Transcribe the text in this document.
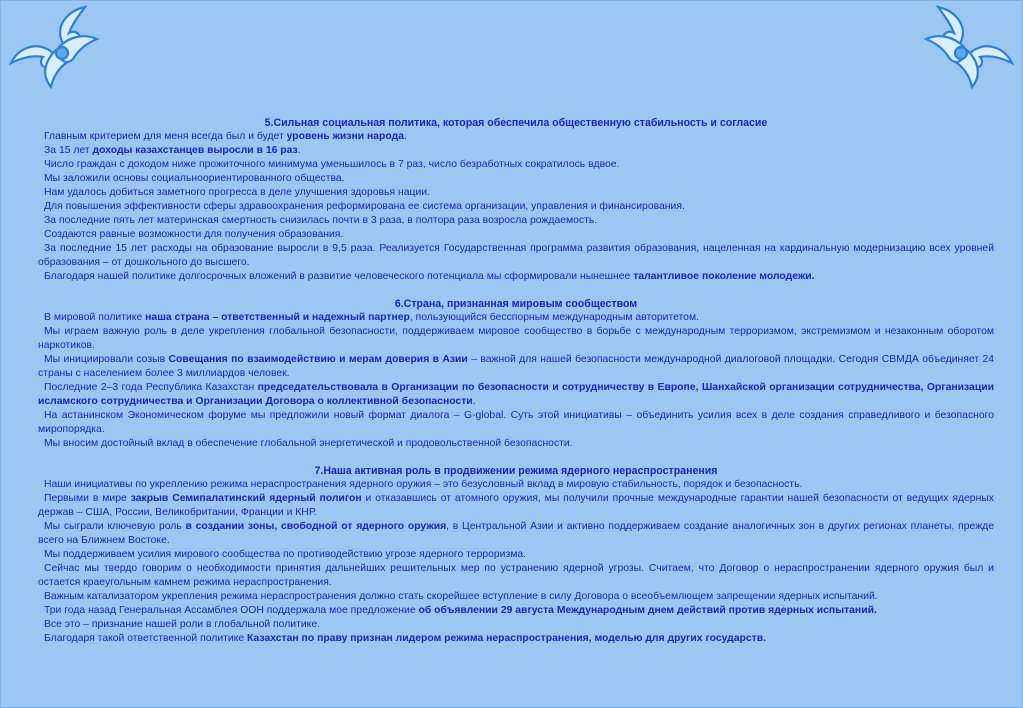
5.Сильная социальная политика, которая обеспечила общественную стабильность и согласие

Главным критерием для меня всегда был и будет уровень жизни народа.

За 15 лет доходы казахстанцев выросли в 16 раз.

Число граждан с доходом ниже прожиточного минимума уменьшилось в 7 раз, число безработных сократилось вдвое.

Мы заложили основы социальноориентированного общества.

Нам удалось добиться заметного прогресса в деле улучшения здоровья нации.

Для повышения эффективности сферы здравоохранения реформирована ее система организации, управления и финансирования.

За последние пять лет материнская смертность снизилась почти в 3 раза, в полтора раза возросла рождаемость.

Создаются равные возможности для получения образования.

За последние 15 лет расходы на образование выросли в 9,5 раза. Реализуется Государственная программа развития образования, нацеленная на кардинальную модернизацию всех уровней образования – от дошкольного до высшего.

Благодаря нашей политике долгосрочных вложений в развитие человеческого потенциала мы сформировали нынешнее талантливое поколение молодежи.

6.Страна, признанная мировым сообществом

В мировой политике наша страна – ответственный и надежный партнер, пользующийся бесспорным международным авторитетом.

Мы играем важную роль в деле укрепления глобальной безопасности, поддерживаем мировое сообщество в борьбе с международным терроризмом, экстремизмом и незаконным оборотом наркотиков.

Мы инициировали созыв Совещания по взаимодействию и мерам доверия в Азии – важной для нашей безопасности международной диалоговой площадки. Сегодня СВМДА объединяет 24 страны с населением более 3 миллиардов человек.

Последние 2–3 года Республика Казахстан председательствовала в Организации по безопасности и сотрудничеству в Европе, Шанхайской организации сотрудничества, Организации исламского сотрудничества и Организации Договора о коллективной безопасности.

На астанинском Экономическом форуме мы предложили новый формат диалога – G-global. Суть этой инициативы – объединить усилия всех в деле создания справедливого и безопасного миропорядка.

Мы вносим достойный вклад в обеспечение глобальной энергетической и продовольственной безопасности.

7.Наша активная роль в продвижении режима ядерного нераспространения

Наши инициативы по укреплению режима нераспространения ядерного оружия – это безусловный вклад в мировую стабильность, порядок и безопасность.

Первыми в мире закрыв Семипалатинский ядерный полигон и отказавшись от атомного оружия, мы получили прочные международные гарантии нашей безопасности от ведущих ядерных держав – США, России, Великобритании, Франции и КНР.

Мы сыграли ключевую роль в создании зоны, свободной от ядерного оружия, в Центральной Азии и активно поддерживаем создание аналогичных зон в других регионах планеты, прежде всего на Ближнем Востоке.

Мы поддерживаем усилия мирового сообщества по противодействию угрозе ядерного терроризма.

Сейчас мы твердо говорим о необходимости принятия дальнейших решительных мер по устранению ядерной угрозы. Считаем, что Договор о нераспространении ядерного оружия был и остается краеугольным камнем режима нераспространения.

Важным катализатором укрепления режима нераспространения должно стать скорейшее вступление в силу Договора о всеобъемлющем запрещении ядерных испытаний.

Три года назад Генеральная Ассамблея ООН поддержала мое предложение об объявлении 29 августа Международным днем действий против ядерных испытаний.

Все это – признание нашей роли в глобальной политике.

Благодаря такой ответственной политике Казахстан по праву признан лидером режима нераспространения, моделью для других государств.
